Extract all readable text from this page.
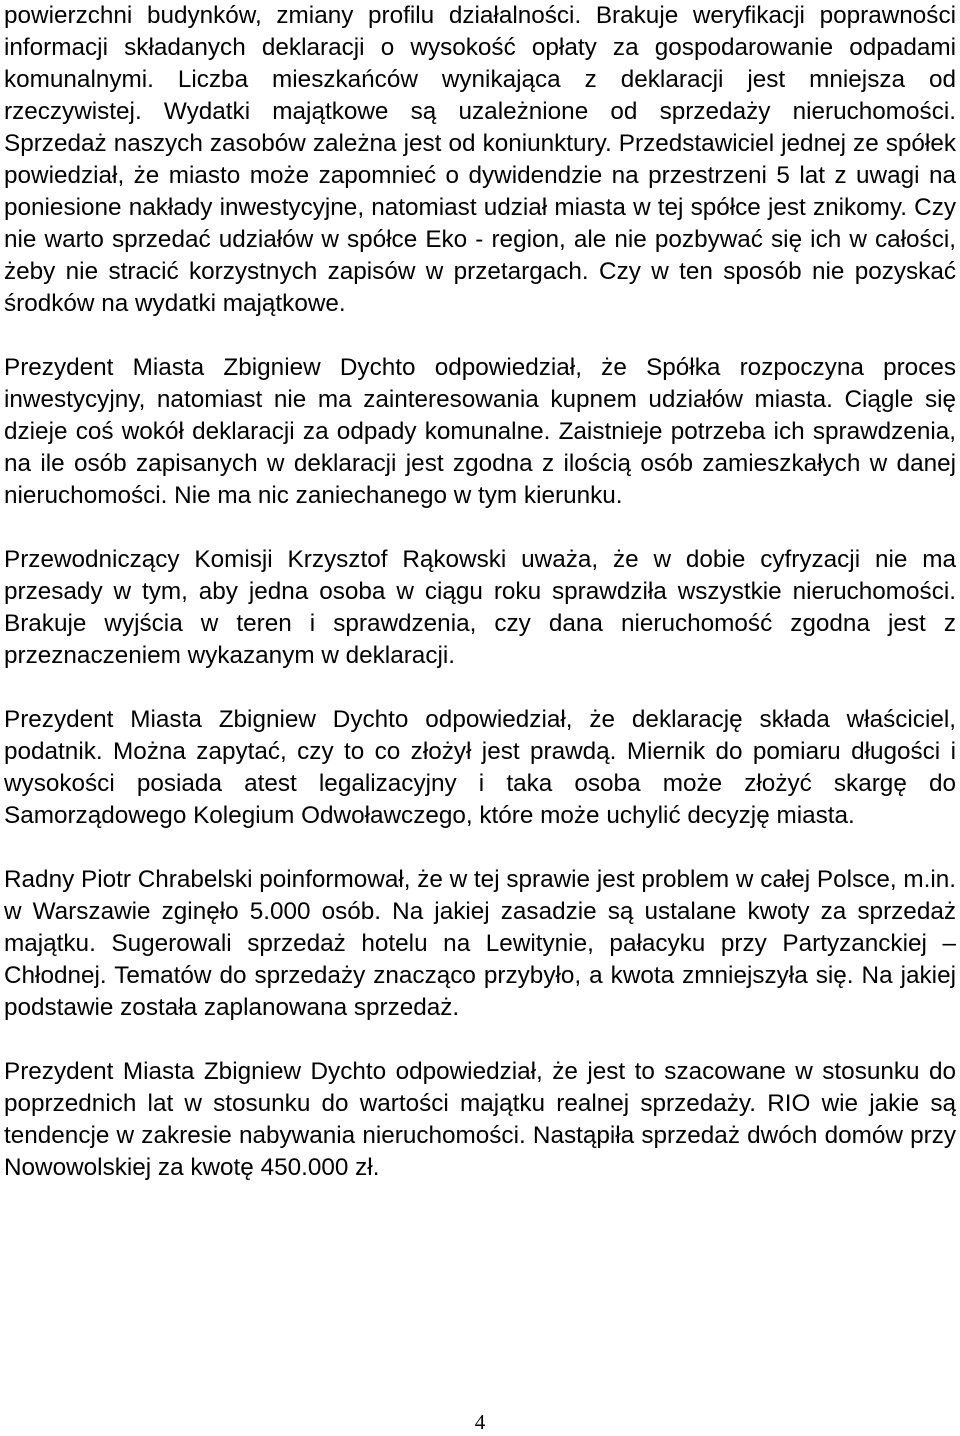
powierzchni budynków, zmiany profilu działalności. Brakuje weryfikacji poprawności informacji składanych deklaracji o wysokość opłaty za gospodarowanie odpadami komunalnymi. Liczba mieszkańców wynikająca z deklaracji jest mniejsza od rzeczywistej. Wydatki majątkowe są uzależnione od sprzedaży nieruchomości. Sprzedaż naszych zasobów zależna jest od koniunktury. Przedstawiciel jednej ze spółek powiedział, że miasto może zapomnieć o dywidendzie na przestrzeni 5 lat z uwagi na poniesione nakłady inwestycyjne, natomiast udział miasta w tej spółce jest znikomy. Czy nie warto sprzedać udziałów w spółce Eko - region, ale nie pozbywać się ich w całości, żeby nie stracić korzystnych zapisów w przetargach. Czy w ten sposób nie pozyskać środków na wydatki majątkowe.

Prezydent Miasta Zbigniew Dychto odpowiedział, że Spółka rozpoczyna proces inwestycyjny, natomiast nie ma zainteresowania kupnem udziałów miasta. Ciągle się dzieje coś wokół deklaracji za odpady komunalne. Zaistnieje potrzeba ich sprawdzenia, na ile osób zapisanych w deklaracji jest zgodna z ilością osób zamieszkałych w danej nieruchomości. Nie ma nic zaniechanego w tym kierunku.

Przewodniczący Komisji Krzysztof Rąkowski uważa, że w dobie cyfryzacji nie ma przesady w tym, aby jedna osoba w ciągu roku sprawdziła wszystkie nieruchomości. Brakuje wyjścia w teren i sprawdzenia, czy dana nieruchomość zgodna jest z przeznaczeniem wykazanym w deklaracji.

Prezydent Miasta Zbigniew Dychto odpowiedział, że deklarację składa właściciel, podatnik. Można zapytać, czy to co złożył jest prawdą. Miernik do pomiaru długości i wysokości posiada atest legalizacyjny i taka osoba może złożyć skargę do Samorządowego Kolegium Odwoławczego, które może uchylić decyzję miasta.

Radny Piotr Chrabelski poinformował, że w tej sprawie jest problem w całej Polsce, m.in. w Warszawie zginęło 5.000 osób. Na jakiej zasadzie są ustalane kwoty za sprzedaż majątku. Sugerowali sprzedaż hotelu na Lewitynie, pałacyku przy Partyzanckiej – Chłodnej. Tematów do sprzedaży znacząco przybyło, a kwota zmniejszyła się. Na jakiej podstawie została zaplanowana sprzedaż.

Prezydent Miasta Zbigniew Dychto odpowiedział, że jest to szacowane w stosunku do poprzednich lat w stosunku do wartości majątku realnej sprzedaży. RIO wie jakie są tendencje w zakresie nabywania nieruchomości. Nastąpiła sprzedaż dwóch domów przy Nowowolskiej za kwotę 450.000 zł.

4
